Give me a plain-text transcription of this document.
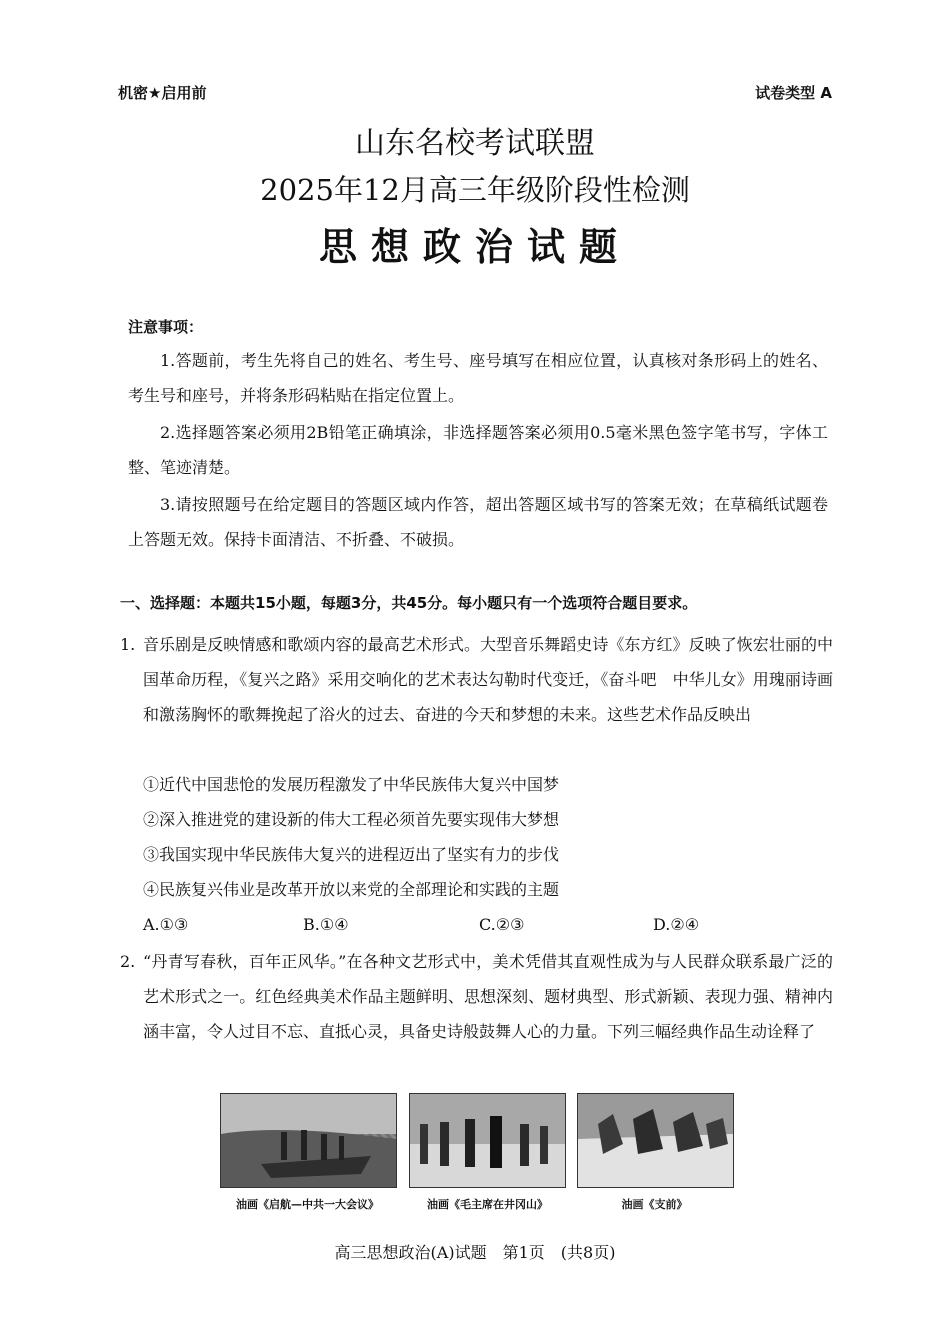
机密★启用前	试卷类型 A
山东名校考试联盟
2025年12月高三年级阶段性检测
思想政治试题
注意事项：
1.答题前，考生先将自己的姓名、考生号、座号填写在相应位置，认真核对条形码上的姓名、考生号和座号，并将条形码粘贴在指定位置上。
2.选择题答案必须用2B铅笔正确填涂，非选择题答案必须用0.5毫米黑色签字笔书写，字体工整、笔迹清楚。
3.请按照题号在给定题目的答题区域内作答，超出答题区域书写的答案无效；在草稿纸试题卷上答题无效。保持卡面清洁、不折叠、不破损。
一、选择题：本题共15小题，每题3分，共45分。每小题只有一个选项符合题目要求。
1. 音乐剧是反映情感和歌颂内容的最高艺术形式。大型音乐舞蹈史诗《东方红》反映了恢宏壮丽的中国革命历程，《复兴之路》采用交响化的艺术表达勾勒时代变迁，《奋斗吧　中华儿女》用瑰丽诗画和激荡胸怀的歌舞挽起了浴火的过去、奋进的今天和梦想的未来。这些艺术作品反映出
①近代中国悲怆的发展历程激发了中华民族伟大复兴中国梦
②深入推进党的建设新的伟大工程必须首先要实现伟大梦想
③我国实现中华民族伟大复兴的进程迈出了坚实有力的步伐
④民族复兴伟业是改革开放以来党的全部理论和实践的主题
A.①③	B.①④	C.②③	D.②④
2. “丹青写春秋，百年正风华。”在各种文艺形式中，美术凭借其直观性成为与人民群众联系最广泛的艺术形式之一。红色经典美术作品主题鲜明、思想深刻、题材典型、形式新颖、表现力强、精神内涵丰富，令人过目不忘、直抵心灵，具备史诗般鼓舞人心的力量。下列三幅经典作品生动诠释了
油画《启航—中共一大会议》	油画《毛主席在井冈山》	油画《支前》
高三思想政治(A)试题　第1页　(共8页)
